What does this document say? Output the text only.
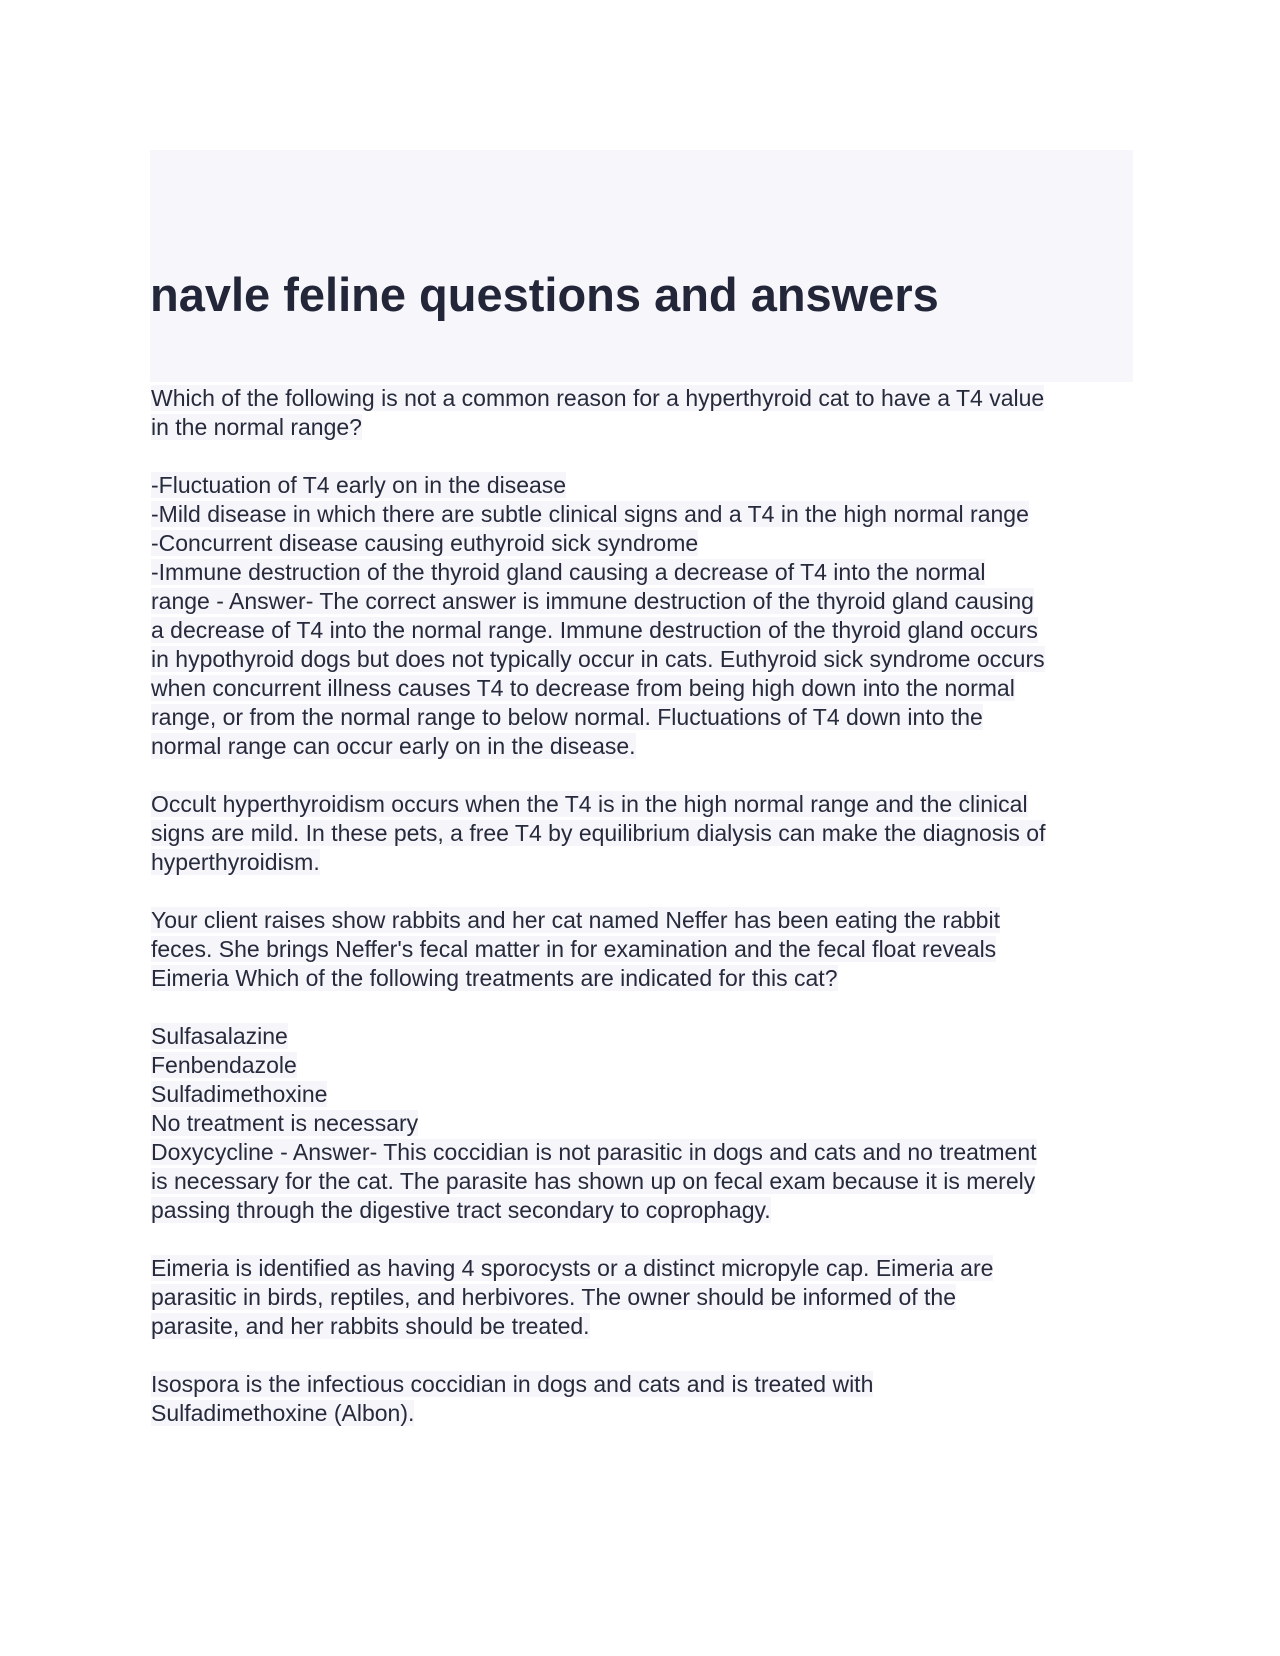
navle feline questions and answers

Which of the following is not a common reason for a hyperthyroid cat to have a T4 value
in the normal range?

-Fluctuation of T4 early on in the disease
-Mild disease in which there are subtle clinical signs and a T4 in the high normal range
-Concurrent disease causing euthyroid sick syndrome
-Immune destruction of the thyroid gland causing a decrease of T4 into the normal
range - Answer- The correct answer is immune destruction of the thyroid gland causing
a decrease of T4 into the normal range. Immune destruction of the thyroid gland occurs
in hypothyroid dogs but does not typically occur in cats. Euthyroid sick syndrome occurs
when concurrent illness causes T4 to decrease from being high down into the normal
range, or from the normal range to below normal. Fluctuations of T4 down into the
normal range can occur early on in the disease.

Occult hyperthyroidism occurs when the T4 is in the high normal range and the clinical
signs are mild. In these pets, a free T4 by equilibrium dialysis can make the diagnosis of
hyperthyroidism.

Your client raises show rabbits and her cat named Neffer has been eating the rabbit
feces. She brings Neffer's fecal matter in for examination and the fecal float reveals
Eimeria Which of the following treatments are indicated for this cat?

Sulfasalazine
Fenbendazole
Sulfadimethoxine
No treatment is necessary
Doxycycline - Answer- This coccidian is not parasitic in dogs and cats and no treatment
is necessary for the cat. The parasite has shown up on fecal exam because it is merely
passing through the digestive tract secondary to coprophagy.

Eimeria is identified as having 4 sporocysts or a distinct micropyle cap. Eimeria are
parasitic in birds, reptiles, and herbivores. The owner should be informed of the
parasite, and her rabbits should be treated.

Isospora is the infectious coccidian in dogs and cats and is treated with
Sulfadimethoxine (Albon).
